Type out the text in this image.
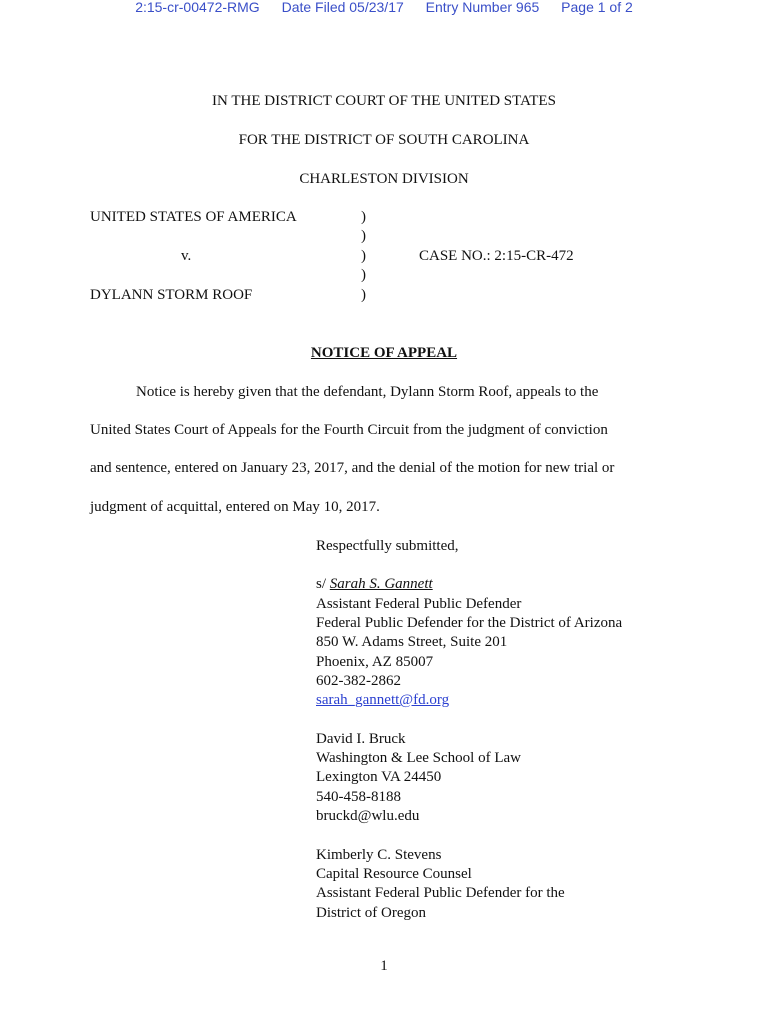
2:15-cr-00472-RMG Date Filed 05/23/17 Entry Number 965 Page 1 of 2
IN THE DISTRICT COURT OF THE UNITED STATES
FOR THE DISTRICT OF SOUTH CAROLINA
CHARLESTON DIVISION
UNITED STATES OF AMERICA
v.
DYLANN STORM ROOF
)
)
)
)
)
CASE NO.: 2:15-CR-472
NOTICE OF APPEAL
Notice is hereby given that the defendant, Dylann Storm Roof, appeals to the
United States Court of Appeals for the Fourth Circuit from the judgment of conviction
and sentence, entered on January 23, 2017, and the denial of the motion for new trial or
judgment of acquittal, entered on May 10, 2017.
Respectfully submitted,
s/ Sarah S. Gannett
Assistant Federal Public Defender
Federal Public Defender for the District of Arizona
850 W. Adams Street, Suite 201
Phoenix, AZ 85007
602-382-2862
sarah_gannett@fd.org
David I. Bruck
Washington & Lee School of Law
Lexington VA 24450
540-458-8188
bruckd@wlu.edu
Kimberly C. Stevens
Capital Resource Counsel
Assistant Federal Public Defender for the
District of Oregon
1
